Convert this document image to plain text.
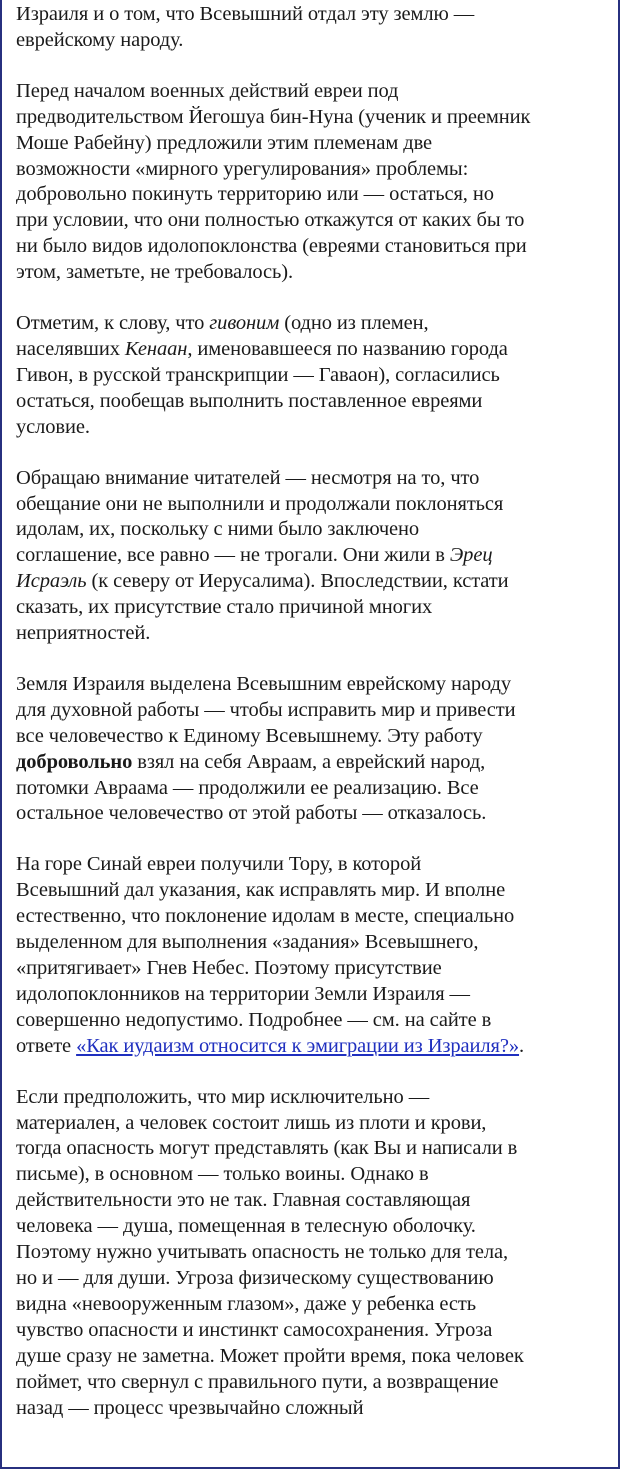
Израиля и о том, что Всевышний отдал эту землю —
еврейскому народу.

Перед началом военных действий евреи под
предводительством Йегошуа бин-Нуна (ученик и преемник
Моше Рабейну) предложили этим племенам две
возможности «мирного урегулирования» проблемы:
добровольно покинуть территорию или — остаться, но
при условии, что они полностью откажутся от каких бы то
ни было видов идолопоклонства (евреями становиться при
этом, заметьте, не требовалось).

Отметим, к слову, что гивоним (одно из племен,
населявших Кенаан, именовавшееся по названию города
Гивон, в русской транскрипции — Гаваон), согласились
остаться, пообещав выполнить поставленное евреями
условие.

Обращаю внимание читателей — несмотря на то, что
обещание они не выполнили и продолжали поклоняться
идолам, их, поскольку с ними было заключено
соглашение, все равно — не трогали. Они жили в Эрец
Исраэль (к северу от Иерусалима). Впоследствии, кстати
сказать, их присутствие стало причиной многих
неприятностей.

Земля Израиля выделена Всевышним еврейскому народу
для духовной работы — чтобы исправить мир и привести
все человечество к Единому Всевышнему. Эту работу
добровольно взял на себя Авраам, а еврейский народ,
потомки Авраама — продолжили ее реализацию. Все
остальное человечество от этой работы — отказалось.

На горе Синай евреи получили Тору, в которой
Всевышний дал указания, как исправлять мир. И вполне
естественно, что поклонение идолам в месте, специально
выделенном для выполнения «задания» Всевышнего,
«притягивает» Гнев Небес. Поэтому присутствие
идолопоклонников на территории Земли Израиля —
совершенно недопустимо. Подробнее — см. на сайте в
ответе «Как иудаизм относится к эмиграции из Израиля?».

Если предположить, что мир исключительно —
материален, а человек состоит лишь из плоти и крови,
тогда опасность могут представлять (как Вы и написали в
письме), в основном — только воины. Однако в
действительности это не так. Главная составляющая
человека — душа, помещенная в телесную оболочку.
Поэтому нужно учитывать опасность не только для тела,
но и — для души. Угроза физическому существованию
видна «невооруженным глазом», даже у ребенка есть
чувство опасности и инстинкт самосохранения. Угроза
душе сразу не заметна. Может пройти время, пока человек
поймет, что свернул с правильного пути, а возвращение
назад — процесс чрезвычайно сложный
